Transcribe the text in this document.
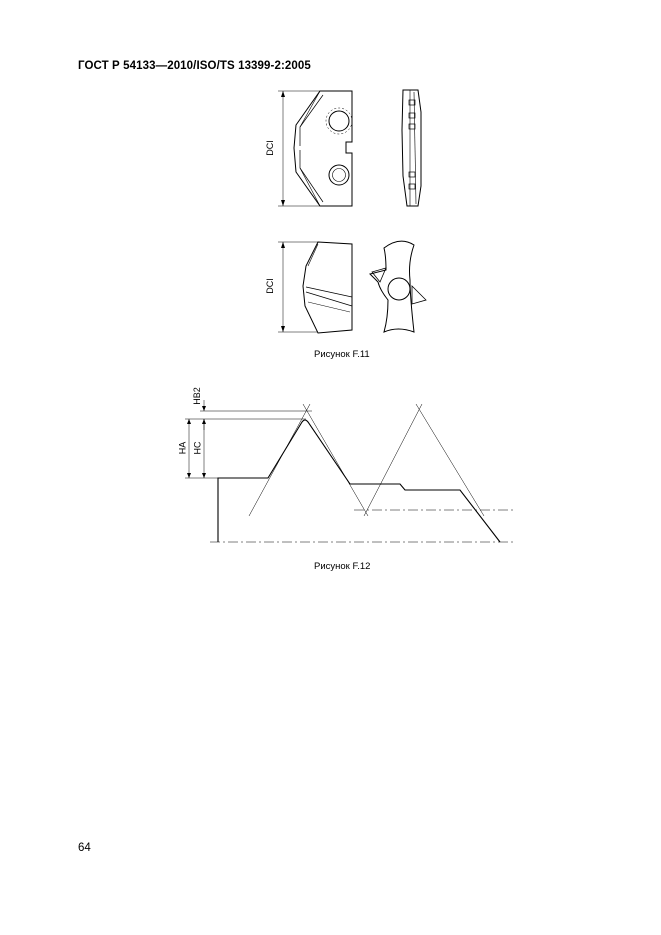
ГОСТ Р 54133—2010/ISO/TS 13399-2:2005
DCI
DCI
HB2
HA HC
Рисунок F.11
Рисунок F.12
64
